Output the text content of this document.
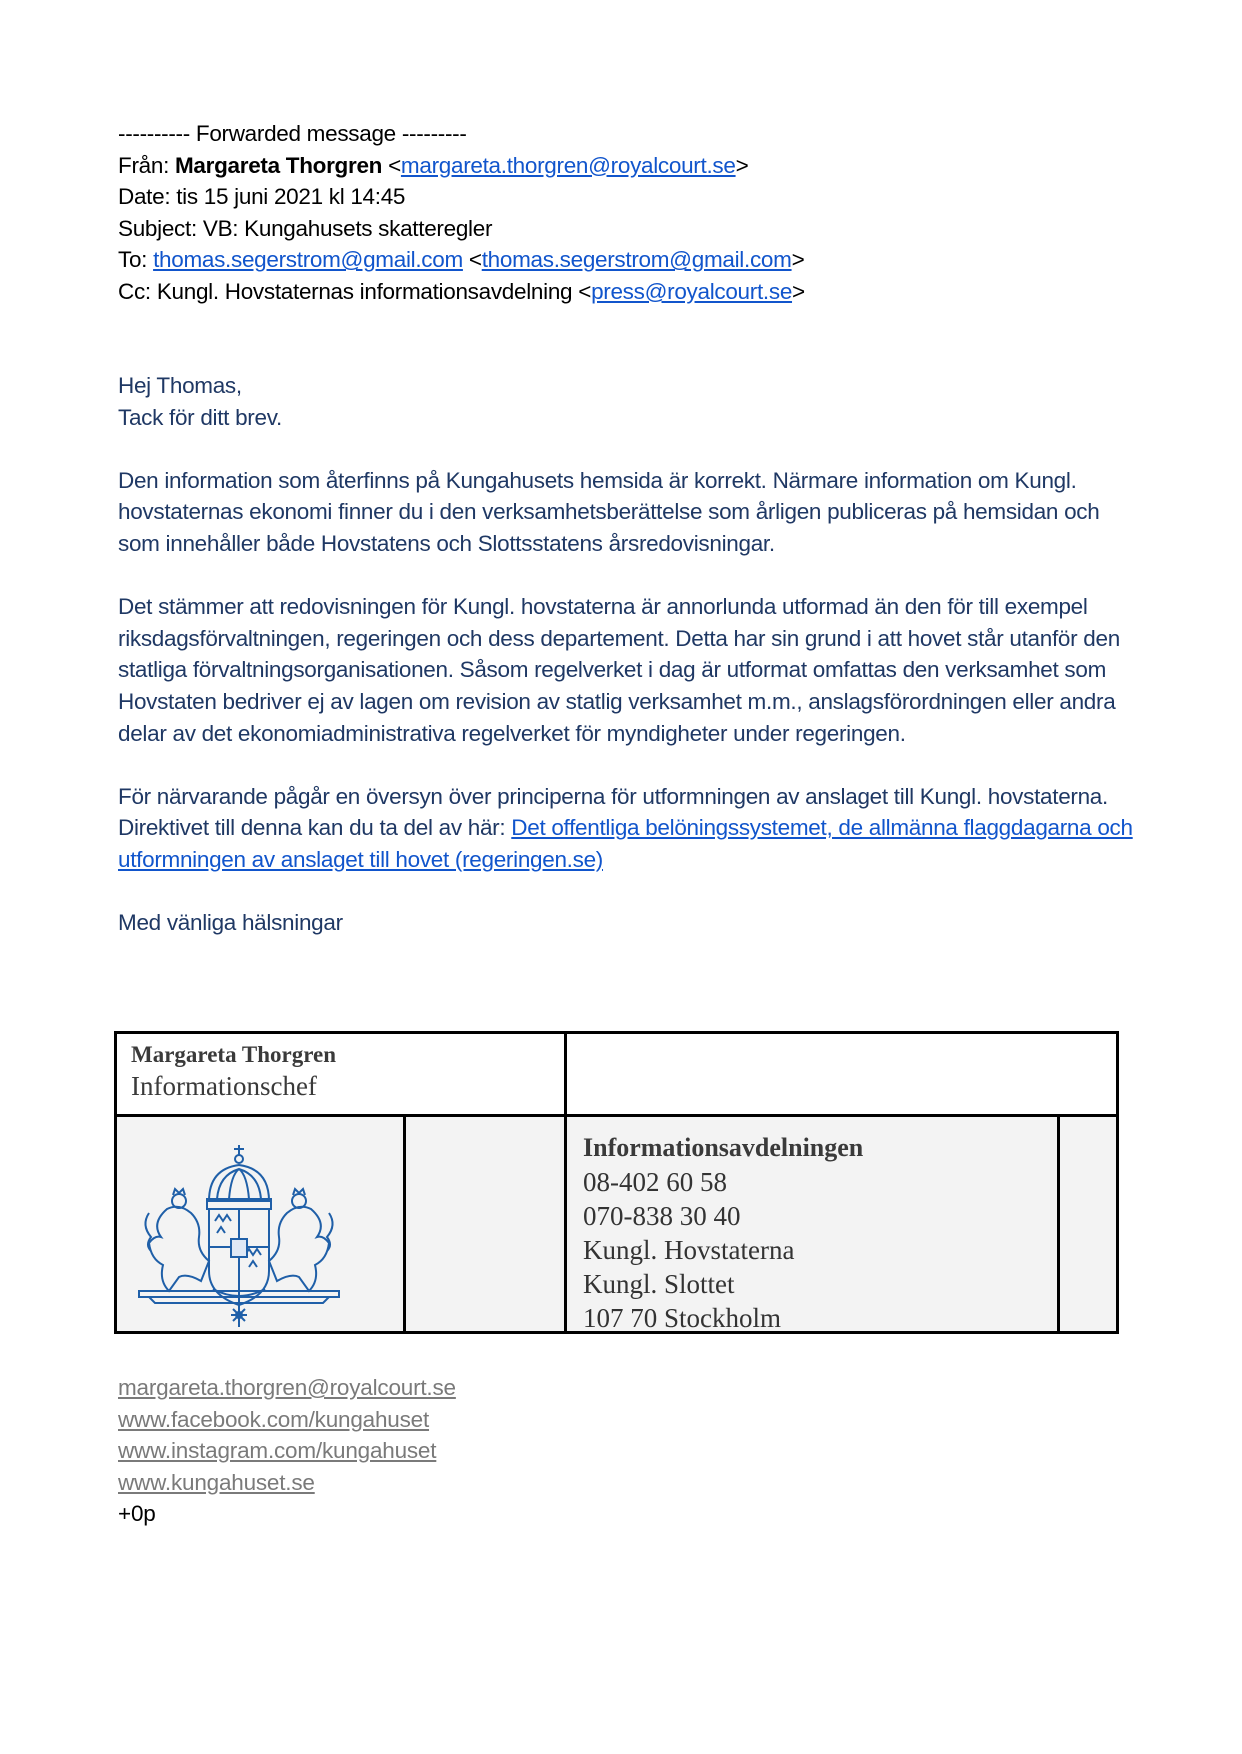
---------- Forwarded message ---------
Från: Margareta Thorgren <margareta.thorgren@royalcourt.se>
Date: tis 15 juni 2021 kl 14:45
Subject: VB: Kungahusets skatteregler
To: thomas.segerstrom@gmail.com <thomas.segerstrom@gmail.com>
Cc: Kungl. Hovstaternas informationsavdelning <press@royalcourt.se>

Hej Thomas,

Tack för ditt brev.

Den information som återfinns på Kungahusets hemsida är korrekt. Närmare information om Kungl. hovstaternas ekonomi finner du i den verksamhetsberättelse som årligen publiceras på hemsidan och som innehåller både Hovstatens och Slottsstatens årsredovisningar.

Det stämmer att redovisningen för Kungl. hovstaterna är annorlunda utformad än den för till exempel riksdagsförvaltningen, regeringen och dess departement. Detta har sin grund i att hovet står utanför den statliga förvaltningsorganisationen. Såsom regelverket i dag är utformat omfattas den verksamhet som Hovstaten bedriver ej av lagen om revision av statlig verksamhet m.m., anslagsförordningen eller andra delar av det ekonomiadministrativa regelverket för myndigheter under regeringen.

För närvarande pågår en översyn över principerna för utformningen av anslaget till Kungl. hovstaterna. Direktivet till denna kan du ta del av här: Det offentliga belöningssystemet, de allmänna flaggdagarna och utformningen av anslaget till hovet (regeringen.se)

Med vänliga hälsningar

Margareta Thorgren
Informationschef
Informationsavdelningen
08-402 60 58
070-838 30 40
Kungl. Hovstaterna
Kungl. Slottet
107 70 Stockholm
margareta.thorgren@royalcourt.se
www.facebook.com/kungahuset
www.instagram.com/kungahuset
www.kungahuset.se
+0p
